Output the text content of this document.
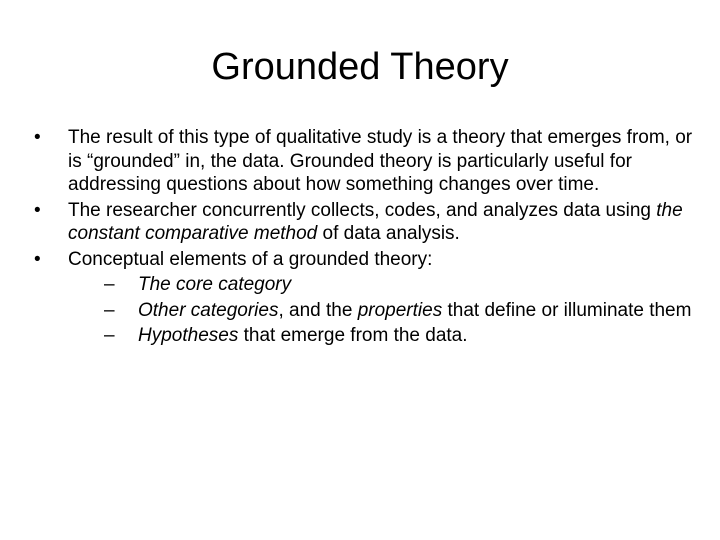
Grounded Theory
• The result of this type of qualitative study is a theory that emerges from, or is “grounded” in, the data. Grounded theory is particularly useful for addressing questions about how something changes over time.
• The researcher concurrently collects, codes, and analyzes data using the constant comparative method of data analysis.
• Conceptual elements of a grounded theory:
– The core category
– Other categories, and the properties that define or illuminate them
– Hypotheses that emerge from the data.
